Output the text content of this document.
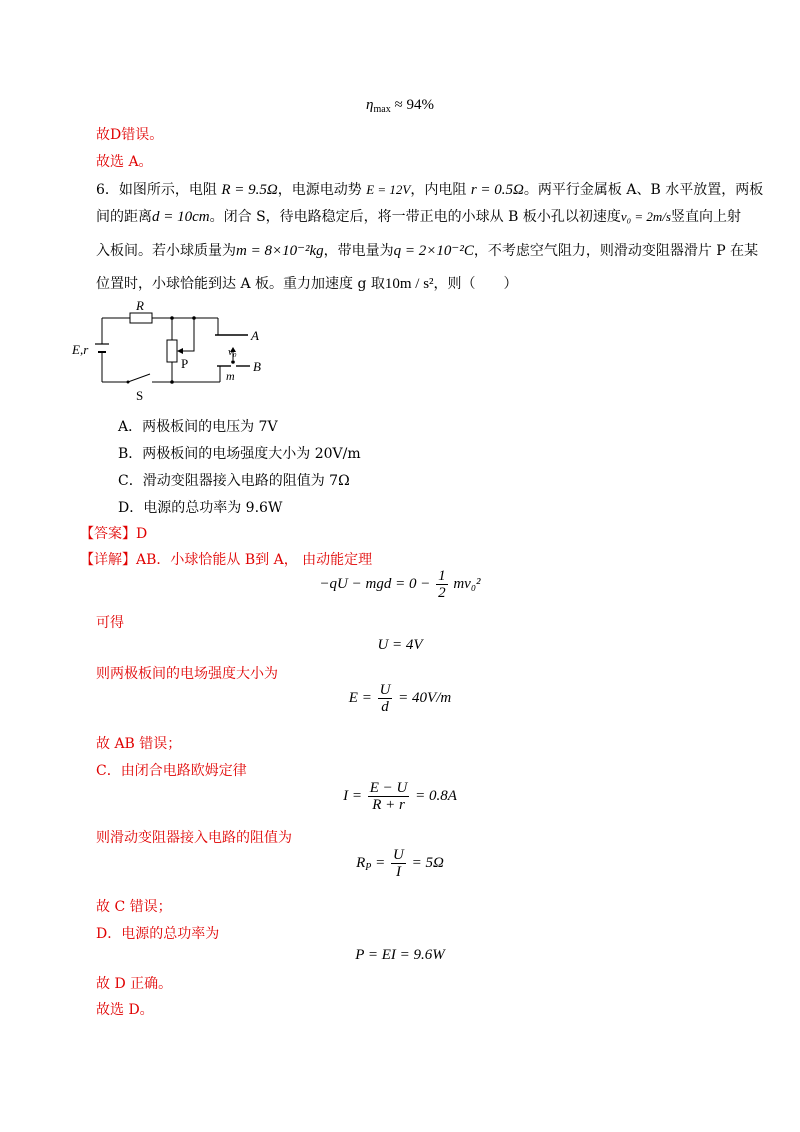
$\eta_{max} \approx 94\%$
故D错误。
故选 A。
6．如图所示，电阻 R = 9.5Ω，电源电动势 E = 12V，内电阻 r = 0.5Ω。两平行金属板 A、B 水平放置，两板
间的距离d = 10cm。闭合 S，待电路稳定后，将一带正电的小球从 B 板小孔以初速度v₀ = 2m/s竖直向上射
入板间。若小球质量为m = 8×10⁻²kg，带电量为q = 2×10⁻²C，不考虑空气阻力，则滑动变阻器滑片 P 在某
位置时，小球恰能到达 A 板。重力加速度 g 取10m / s²，则（　　）
R
E,r
P
S
A
B
v₀
m
A．两极板间的电压为 7V
B．两极板间的电场强度大小为 20V/m
C．滑动变阻器接入电路的阻值为 7Ω
D．电源的总功率为 9.6W
【答案】D
【详解】AB．小球恰能从 B到 A， 由动能定理
−qU − mgd = $0 - \frac{1}{2} mv_0^2$
可得
U = 4V
则两极板间的电场强度大小为
$E = \frac{U}{d} = 40V/m$
故 AB 错误；
C．由闭合电路欧姆定律
$I = \frac{E - U}{R + r} = 0.8A$
则滑动变阻器接入电路的阻值为
$R_P = \frac{U}{I} = 5\Omega$
故 C 错误；
D．电源的总功率为
P = EI = 9.6W
故 D 正确。
故选 D。
